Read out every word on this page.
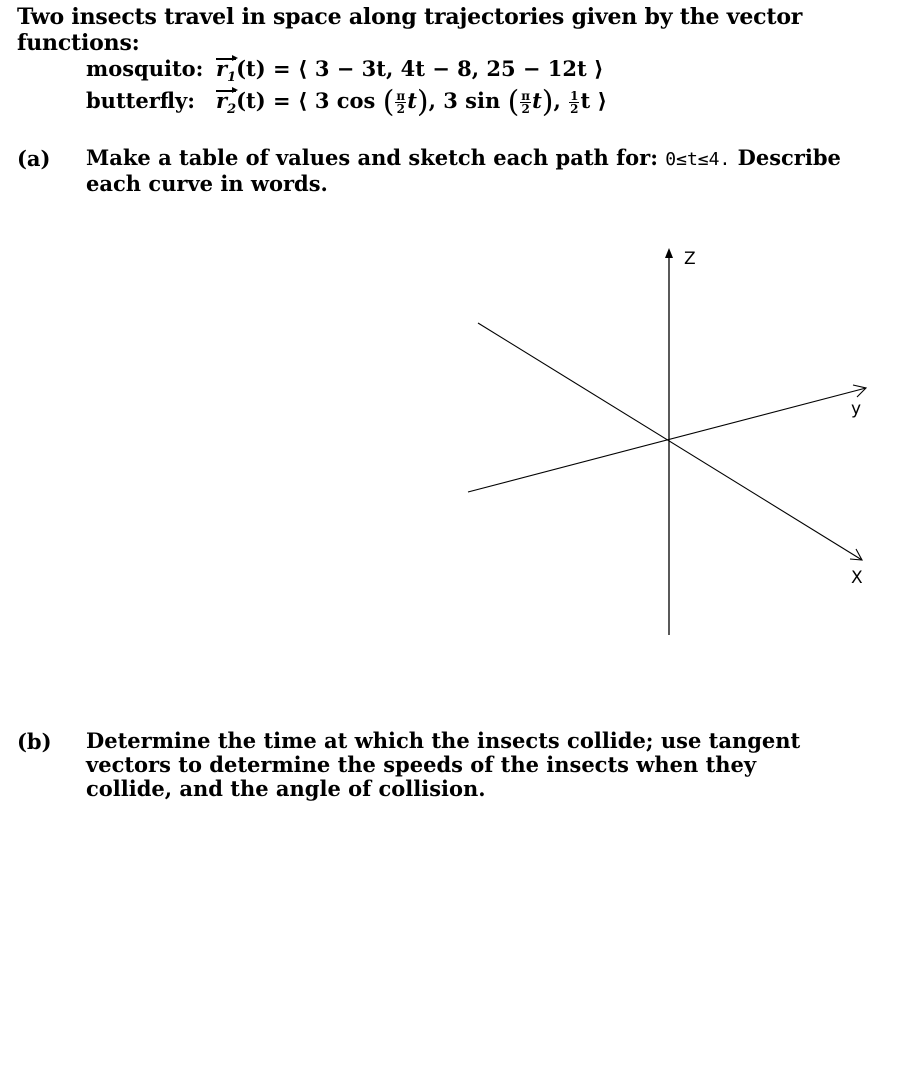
Two insects travel in space along trajectories given by the vector functions:
mosquito: $r_1(t)$ = ⟨ 3 − 3t, 4t − 8, 25 − 12t ⟩
butterfly: $r_2(t)$ = ⟨ 3 cos ( $\frac{\pi}{2} t$), 3 sin ( $\frac{\pi}{2} t$), $\frac{1}{2}$ t ⟩
(a) Make a table of values and sketch each path for: 0≤t≤4. Describe each curve in words.
Z
y
X
(b) Determine the time at which the insects collide; use tangent vectors to determine the speeds of the insects when they collide, and the angle of collision.
